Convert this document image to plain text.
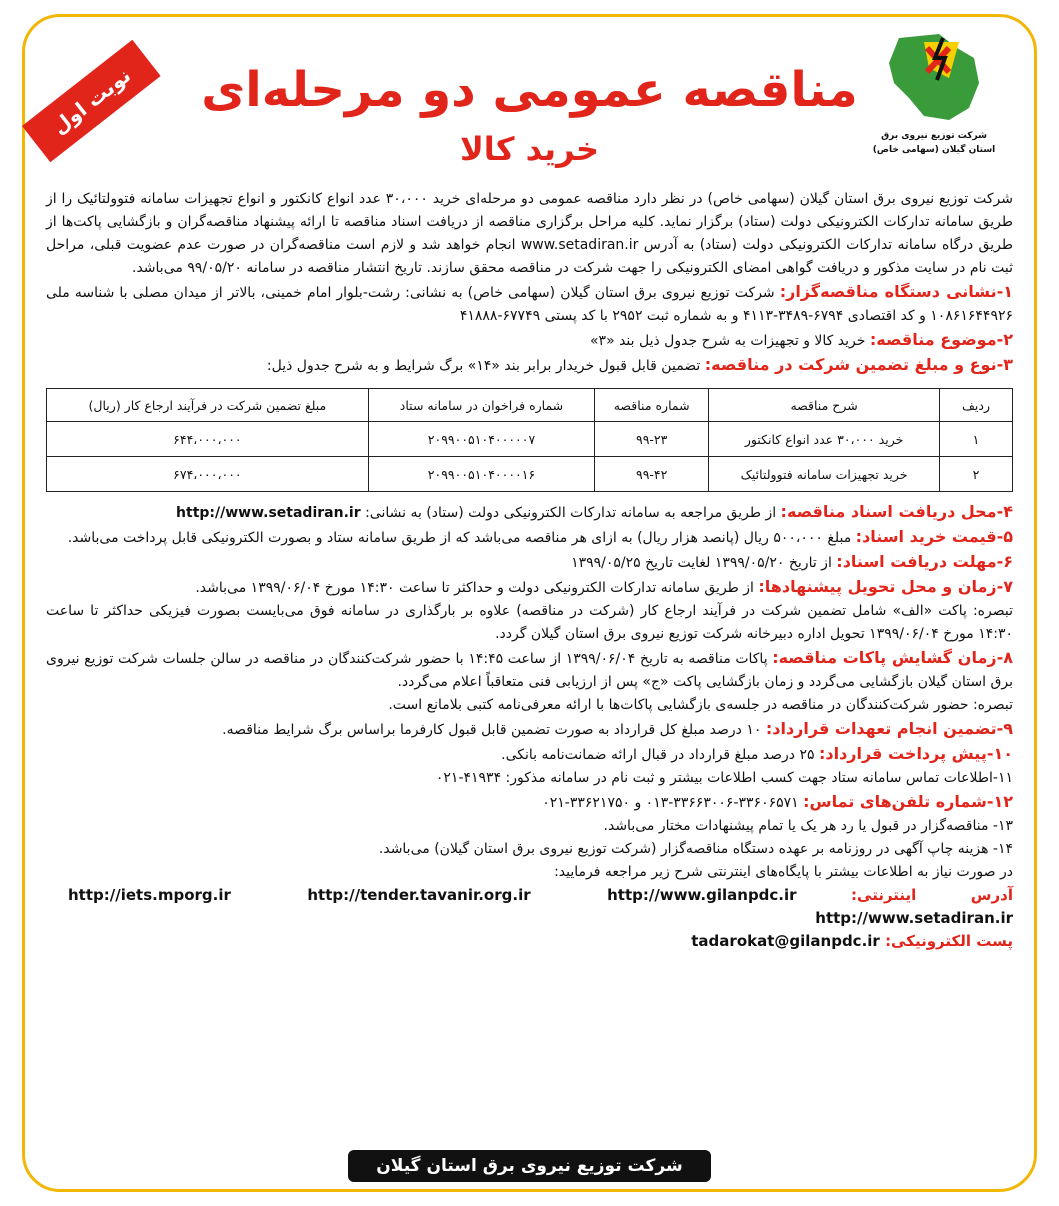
نوبت اول	شرکت توزیع نیروی برق
استان گیلان (سهامی خاص)
مناقصه عمومی دو مرحله‌ای
خرید کالا

شرکت توزیع نیروی برق استان گیلان (سهامی خاص) در نظر دارد مناقصه عمومی دو مرحله‌ای خرید ۳۰،۰۰۰ عدد انواع کانکتور و انواع تجهیزات سامانه فتوولتائیک را از طریق سامانه تدارکات الکترونیکی دولت (ستاد) برگزار نماید. کلیه مراحل برگزاری مناقصه از دریافت اسناد مناقصه تا ارائه پیشنهاد مناقصه‌گران و بازگشایی پاکت‌ها از طریق درگاه سامانه تدارکات الکترونیکی دولت (ستاد) به آدرس www.setadiran.ir انجام خواهد شد و لازم است مناقصه‌گران در صورت عدم عضویت قبلی، مراحل ثبت نام در سایت مذکور و دریافت گواهی امضای الکترونیکی را جهت شرکت در مناقصه محقق سازند. تاریخ انتشار مناقصه در سامانه ۹۹/۰۵/۲۰ می‌باشد.

۱-نشانی دستگاه مناقصه‌گزار: شرکت توزیع نیروی برق استان گیلان (سهامی خاص) به نشانی: رشت-بلوار امام خمینی، بالاتر از میدان مصلی با شناسه ملی ۱۰۸۶۱۶۴۴۹۲۶ و کد اقتصادی ۶۷۹۴-۳۴۸۹-۴۱۱۳ و به شماره ثبت ۲۹۵۲ با کد پستی ۶۷۷۴۹-۴۱۸۸۸

۲-موضوع مناقصه: خرید کالا و تجهیزات به شرح جدول ذیل بند «۳»

۳-نوع و مبلغ تضمین شرکت در مناقصه: تضمین قابل قبول خریدار برابر بند «۱۴» برگ شرایط و به شرح جدول ذیل:

ردیف	شرح مناقصه	شماره مناقصه	شماره فراخوان در سامانه ستاد	مبلغ تضمین شرکت در فرآیند ارجاع کار (ریال)
۱	خرید ۳۰،۰۰۰ عدد انواع کانکتور	۹۹-۲۳	۲۰۹۹۰۰۵۱۰۴۰۰۰۰۰۷	۶۴۴،۰۰۰،۰۰۰
۲	خرید تجهیزات سامانه فتوولتائیک	۹۹-۴۲	۲۰۹۹۰۰۵۱۰۴۰۰۰۰۱۶	۶۷۴،۰۰۰،۰۰۰

۴-محل دریافت اسناد مناقصه: از طریق مراجعه به سامانه تدارکات الکترونیکی دولت (ستاد) به نشانی: http://www.setadiran.ir

۵-قیمت خرید اسناد: مبلغ ۵۰۰،۰۰۰ ریال (پانصد هزار ریال) به ازای هر مناقصه می‌باشد که از طریق سامانه ستاد و بصورت الکترونیکی قابل پرداخت می‌باشد.

۶-مهلت دریافت اسناد: از تاریخ ۱۳۹۹/۰۵/۲۰ لغایت تاریخ ۱۳۹۹/۰۵/۲۵

۷-زمان و محل تحویل پیشنهادها: از طریق سامانه تدارکات الکترونیکی دولت و حداکثر تا ساعت ۱۴:۳۰ مورخ ۱۳۹۹/۰۶/۰۴ می‌باشد.

تبصره: پاکت «الف» شامل تضمین شرکت در فرآیند ارجاع کار (شرکت در مناقصه) علاوه بر بارگذاری در سامانه فوق می‌بایست بصورت فیزیکی حداکثر تا ساعت ۱۴:۳۰ مورخ ۱۳۹۹/۰۶/۰۴ تحویل اداره دبیرخانه شرکت توزیع نیروی برق استان گیلان گردد.

۸-زمان گشایش پاکات مناقصه: پاکات مناقصه به تاریخ ۱۳۹۹/۰۶/۰۴ از ساعت ۱۴:۴۵ با حضور شرکت‌کنندگان در مناقصه در سالن جلسات شرکت توزیع نیروی برق استان گیلان بازگشایی می‌گردد و زمان بازگشایی پاکت «ج» پس از ارزیابی فنی متعاقباً اعلام می‌گردد.

تبصره: حضور شرکت‌کنندگان در مناقصه در جلسه‌ی بازگشایی پاکات‌ها با ارائه معرفی‌نامه کتبی بلامانع است.

۹-تضمین انجام تعهدات قرارداد: ۱۰ درصد مبلغ کل قرارداد به صورت تضمین قابل قبول کارفرما براساس برگ شرایط مناقصه.

۱۰-پیش پرداخت قرارداد: ۲۵ درصد مبلغ قرارداد در قبال ارائه ضمانت‌نامه بانکی.

۱۱-اطلاعات تماس سامانه ستاد جهت کسب اطلاعات بیشتر و ثبت نام در سامانه مذکور: ۴۱۹۳۴-۰۲۱

۱۲-شماره تلفن‌های تماس: ۳۳۶۰۶۵۷۱-۳۳۶۶۳۰۰۶-۰۱۳ و ۳۳۶۲۱۷۵۰-۰۲۱

۱۳- مناقصه‌گزار در قبول یا رد هر یک یا تمام پیشنهادات مختار می‌باشد.

۱۴- هزینه چاپ آگهی در روزنامه بر عهده دستگاه مناقصه‌گزار (شرکت توزیع نیروی برق استان گیلان) می‌باشد.

در صورت نیاز به اطلاعات بیشتر با پایگاه‌های اینترنتی شرح زیر مراجعه فرمایید:

آدرس اینترنتی: http://iets.mporg.ir	http://tender.tavanir.org.ir	http://www.gilanpdc.ir http://www.setadiran.ir

پست الکترونیکی: tadarokat@gilanpdc.ir

شرکت توزیع نیروی برق استان گیلان
